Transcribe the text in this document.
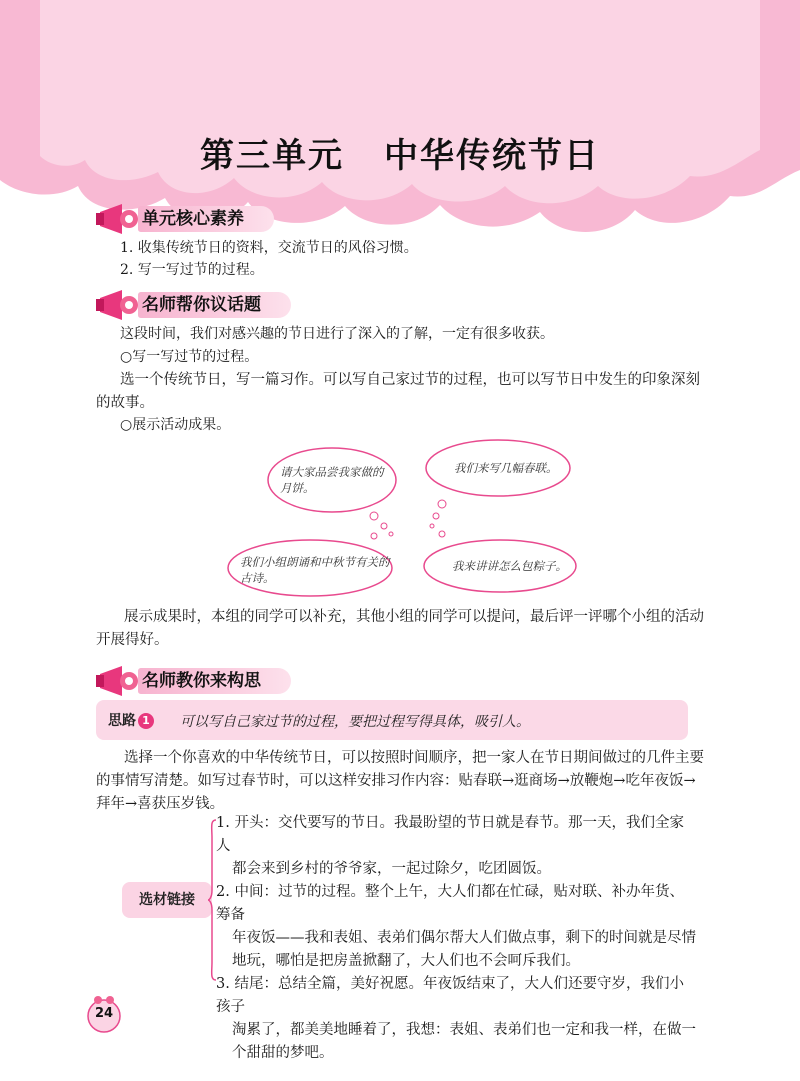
第三单元 中华传统节日
单元核心素养
1. 收集传统节日的资料，交流节日的风俗习惯。
2. 写一写过节的过程。
名师帮你议话题
这段时间，我们对感兴趣的节日进行了深入的了解，一定有很多收获。
○写一写过节的过程。
选一个传统节日，写一篇习作。可以写自己家过节的过程，也可以写节日中发生的印象深刻的故事。
○展示活动成果。
请大家品尝我家做的月饼。
我们来写几幅春联。
我们小组朗诵和中秋节有关的古诗。
我来讲讲怎么包粽子。
展示成果时，本组的同学可以补充，其他小组的同学可以提问，最后评一评哪个小组的活动开展得好。
名师教你来构思
思路 1 可以写自己家过节的过程，要把过程写得具体，吸引人。
选择一个你喜欢的中华传统节日，可以按照时间顺序，把一家人在节日期间做过的几件主要的事情写清楚。如写过春节时，可以这样安排习作内容：贴春联→逛商场→放鞭炮→吃年夜饭→拜年→喜获压岁钱。
选材链接
1. 开头：交代要写的节日。我最盼望的节日就是春节。那一天，我们全家人
都会来到乡村的爷爷家，一起过除夕，吃团圆饭。
2. 中间：过节的过程。整个上午，大人们都在忙碌，贴对联、补办年货、筹备
年夜饭——我和表姐、表弟们偶尔帮大人们做点事，剩下的时间就是尽情地玩，哪怕是把房盖掀翻了，大人们也不会呵斥我们。
3. 结尾：总结全篇，美好祝愿。年夜饭结束了，大人们还要守岁，我们小孩子
淘累了，都美美地睡着了，我想：表姐、表弟们也一定和我一样，在做一个甜甜的梦吧。
24
